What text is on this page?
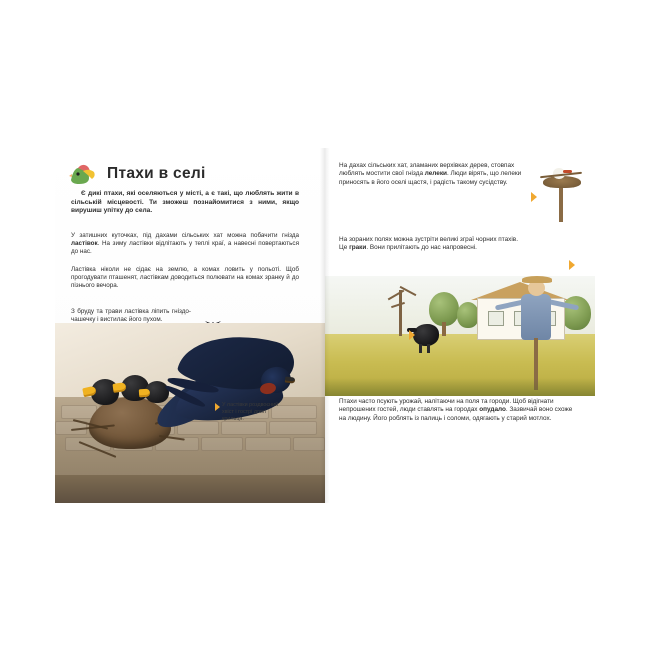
Птахи в селі
Є дикі птахи, які оселяються у місті, а є такі, що люблять жити в сільській місцевості. Ти зможеш познайомитися з ними, якщо вирушиш упітку до села.
У затишних куточках, під дахами сільських хат можна побачити гнізда ластівок. На зиму ластівки відлітають у теплі краї, а навесні повертаються до нас.
Ластівка ніколи не сідає на землю, а комах ловить у польоті. Щоб прогодувати пташенят, ластівкам доводиться полювати на комах зранку й до пізнього вечора.
З бруду та трави ластівка ліпить гніздо-чашечку і вистилає його пухом.
У ластівки роздвоєний хвіст і гострі довгі крильця.
На дахах сільських хат, зламаних верхівках дерев, стовпах люблять мостити свої гнізда лелеки. Люди вірять, що лелеки приносять в його оселі щастя, і радість такому сусідству.
На зораних полях можна зустріти великі зграї чорних птахів. Це граки. Вони прилітають до нас напровесні.
Птахи часто псують урожай, налітаючи на поля та городи. Щоб відігнати непрошених гостей, люди ставлять на городах опудало. Зазвичай воно схоже на людину. Його роблять із палиць і соломи, одягають у старий мотлох.
